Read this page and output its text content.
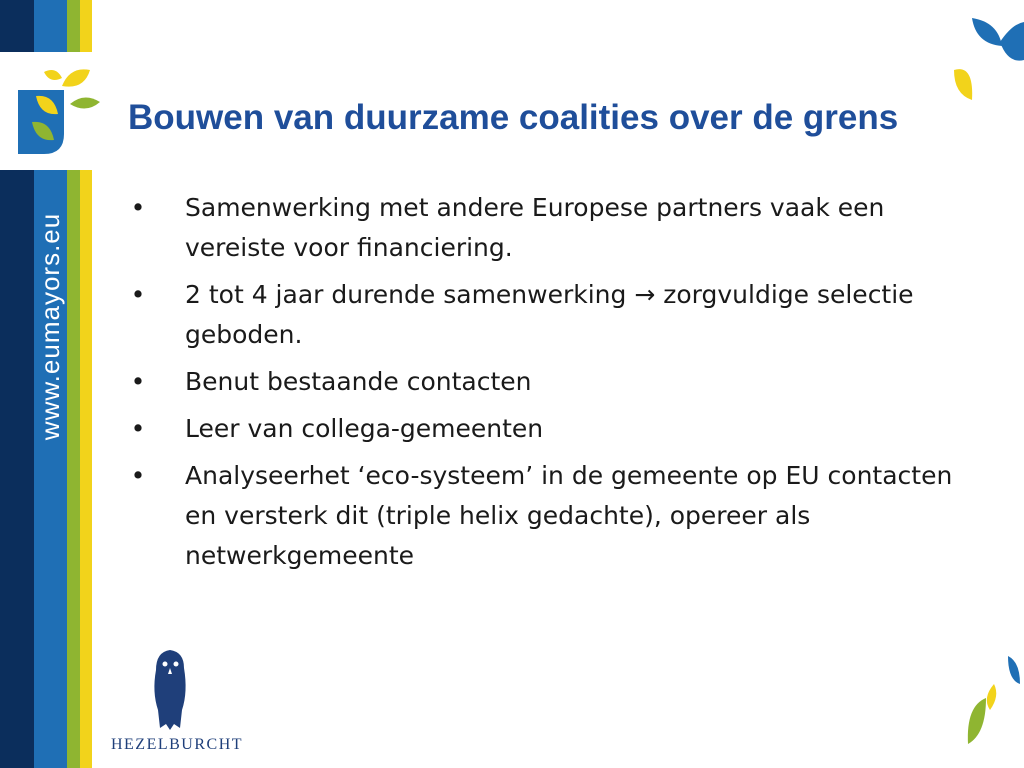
www.eumayors.eu
Bouwen van duurzame coalities over de grens
• Samenwerking met andere Europese partners vaak een vereiste voor financiering.
• 2 tot 4 jaar durende samenwerking → zorgvuldige selectie geboden.
• Benut bestaande contacten
• Leer van collega-gemeenten
• Analyseerhet ‘eco-systeem’ in de gemeente op EU contacten en versterk dit (triple helix gedachte), opereer als netwerkgemeente
HEZELBURCHT
